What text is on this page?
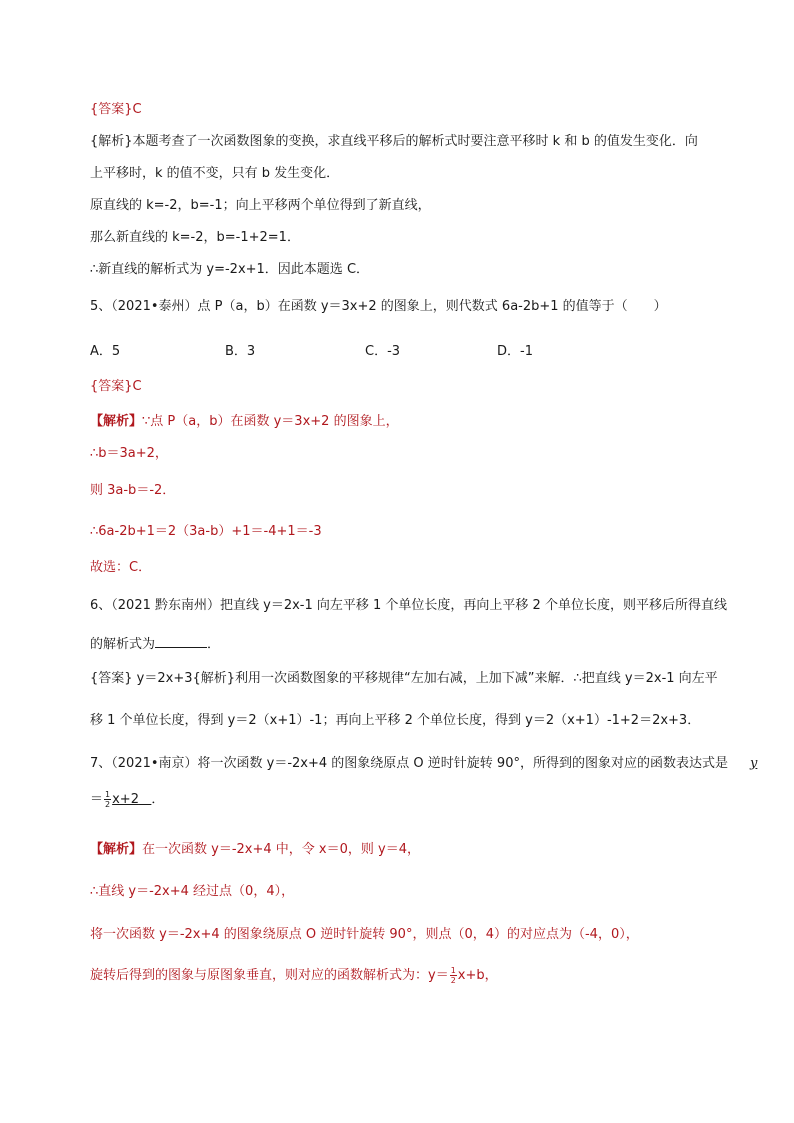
{答案}C
{解析}本题考查了一次函数图象的变换，求直线平移后的解析式时要注意平移时 k 和 b 的值发生变化．向
上平移时，k 的值不变，只有 b 发生变化．
原直线的 k=-2，b=-1；向上平移两个单位得到了新直线，
那么新直线的 k=-2，b=-1+2=1．
∴新直线的解析式为 y=-2x+1．因此本题选 C．
5、（2021•泰州）点 P（a，b）在函数 y＝3x+2 的图象上，则代数式 6a-2b+1 的值等于（　　）
A．5	B．3	C．-3	D．-1
{答案}C
【解析】∵点 P（a，b）在函数 y＝3x+2 的图象上，
∴b＝3a+2，
则 3a-b＝-2．
∴6a-2b+1＝2（3a-b）+1＝-4+1＝-3
故选：C．
6、（2021 黔东南州）把直线 y＝2x-1 向左平移 1 个单位长度，再向上平移 2 个单位长度，则平移后所得直线
的解析式为	．
{答案} y＝2x+3{解析}利用一次函数图象的平移规律“左加右减，上加下减”来解．∴把直线 y＝2x-1 向左平
移 1 个单位长度，得到 y＝2（x+1）-1；再向上平移 2 个单位长度，得到 y＝2（x+1）-1+2＝2x+3．
7、（2021•南京）将一次函数 y＝-2x+4 的图象绕原点 O 逆时针旋转 90°，所得到的图象对应的函数表达式是 y
＝ $\frac{1}{2} x+2$ ．
【解析】在一次函数 y＝-2x+4 中，令 x＝0，则 y＝4，
∴直线 y＝-2x+4 经过点（0，4），
将一次函数 y＝-2x+4 的图象绕原点 O 逆时针旋转 90°，则点（0，4）的对应点为（-4，0），
旋转后得到的图象与原图象垂直，则对应的函数解析式为：$y= \frac{1}{2} x+b$，
